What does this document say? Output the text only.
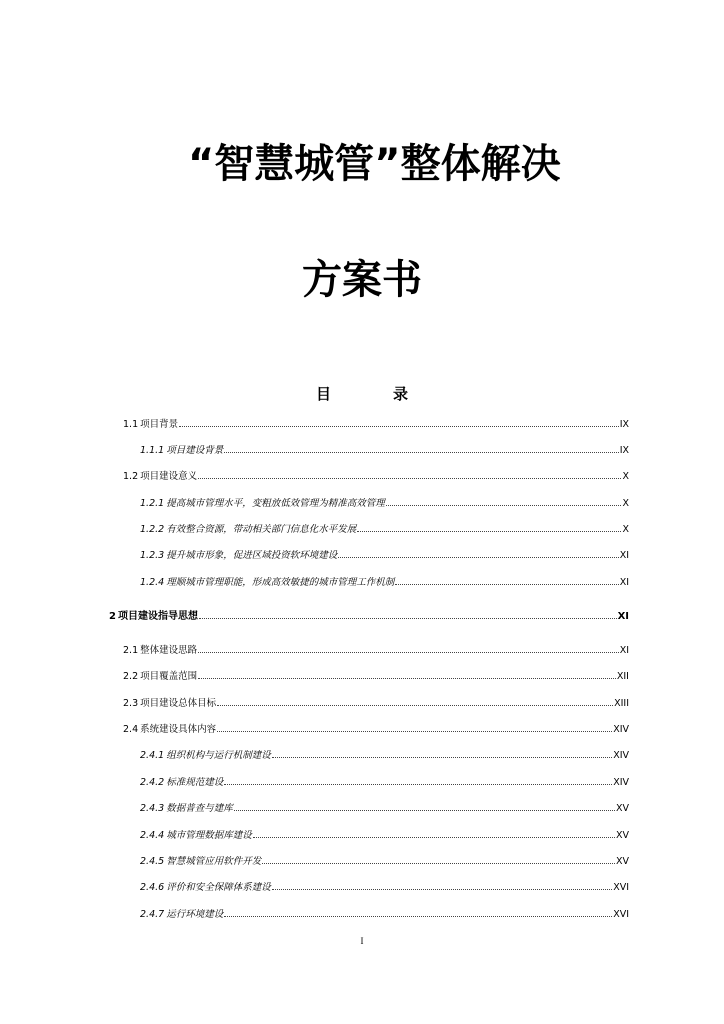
“智慧城管”整体解决
方案书
目录
1.1 项目背景	IX
1.1.1 项目建设背景	IX
1.2 项目建设意义	X
1.2.1 提高城市管理水平，变粗放低效管理为精准高效管理	X
1.2.2 有效整合资源，带动相关部门信息化水平发展	X
1.2.3 提升城市形象，促进区域投资软环境建设	XI
1.2.4 理顺城市管理职能，形成高效敏捷的城市管理工作机制	XI
2 项目建设指导思想	XI
2.1 整体建设思路	XI
2.2 项目覆盖范围	XII
2.3 项目建设总体目标	XIII
2.4 系统建设具体内容	XIV
2.4.1 组织机构与运行机制建设	XIV
2.4.2 标准规范建设	XIV
2.4.3 数据普查与建库	XV
2.4.4 城市管理数据库建设	XV
2.4.5 智慧城管应用软件开发	XV
2.4.6 评价和安全保障体系建设	XVI
2.4.7 运行环境建设	XVI
I
